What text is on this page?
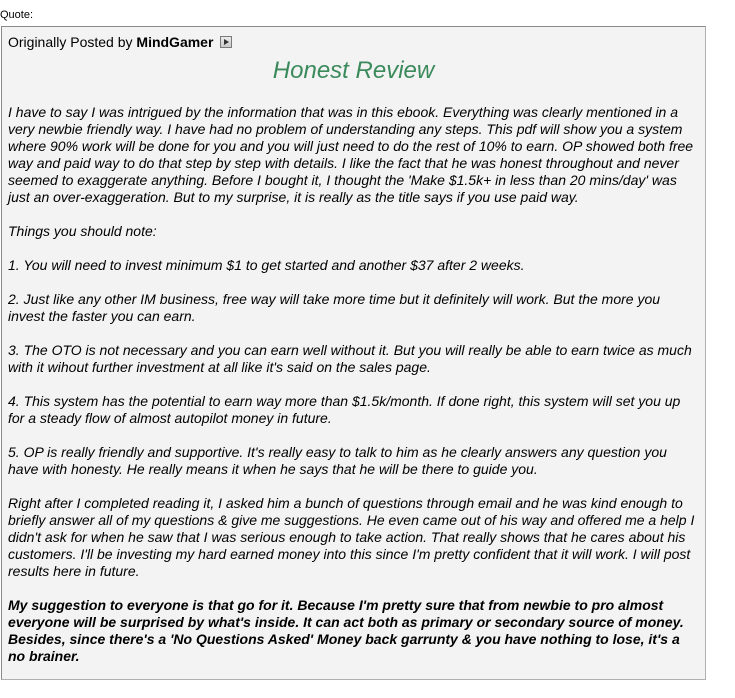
Quote:
Originally Posted by MindGamer
Honest Review

I have to say I was intrigued by the information that was in this ebook. Everything was clearly mentioned in a very newbie friendly way. I have had no problem of understanding any steps. This pdf will show you a system where 90% work will be done for you and you will just need to do the rest of 10% to earn. OP showed both free way and paid way to do that step by step with details. I like the fact that he was honest throughout and never seemed to exaggerate anything. Before I bought it, I thought the 'Make $1.5k+ in less than 20 mins/day' was just an over-exaggeration. But to my surprise, it is really as the title says if you use paid way.

Things you should note:

1. You will need to invest minimum $1 to get started and another $37 after 2 weeks.

2. Just like any other IM business, free way will take more time but it definitely will work. But the more you invest the faster you can earn.

3. The OTO is not necessary and you can earn well without it. But you will really be able to earn twice as much with it wihout further investment at all like it's said on the sales page.

4. This system has the potential to earn way more than $1.5k/month. If done right, this system will set you up for a steady flow of almost autopilot money in future.

5. OP is really friendly and supportive. It's really easy to talk to him as he clearly answers any question you have with honesty. He really means it when he says that he will be there to guide you.

Right after I completed reading it, I asked him a bunch of questions through email and he was kind enough to briefly answer all of my questions & give me suggestions. He even came out of his way and offered me a help I didn't ask for when he saw that I was serious enough to take action. That really shows that he cares about his customers. I'll be investing my hard earned money into this since I'm pretty confident that it will work. I will post results here in future.

My suggestion to everyone is that go for it. Because I'm pretty sure that from newbie to pro almost everyone will be surprised by what's inside. It can act both as primary or secondary source of money. Besides, since there's a 'No Questions Asked' Money back garrunty & you have nothing to lose, it's a no brainer.
